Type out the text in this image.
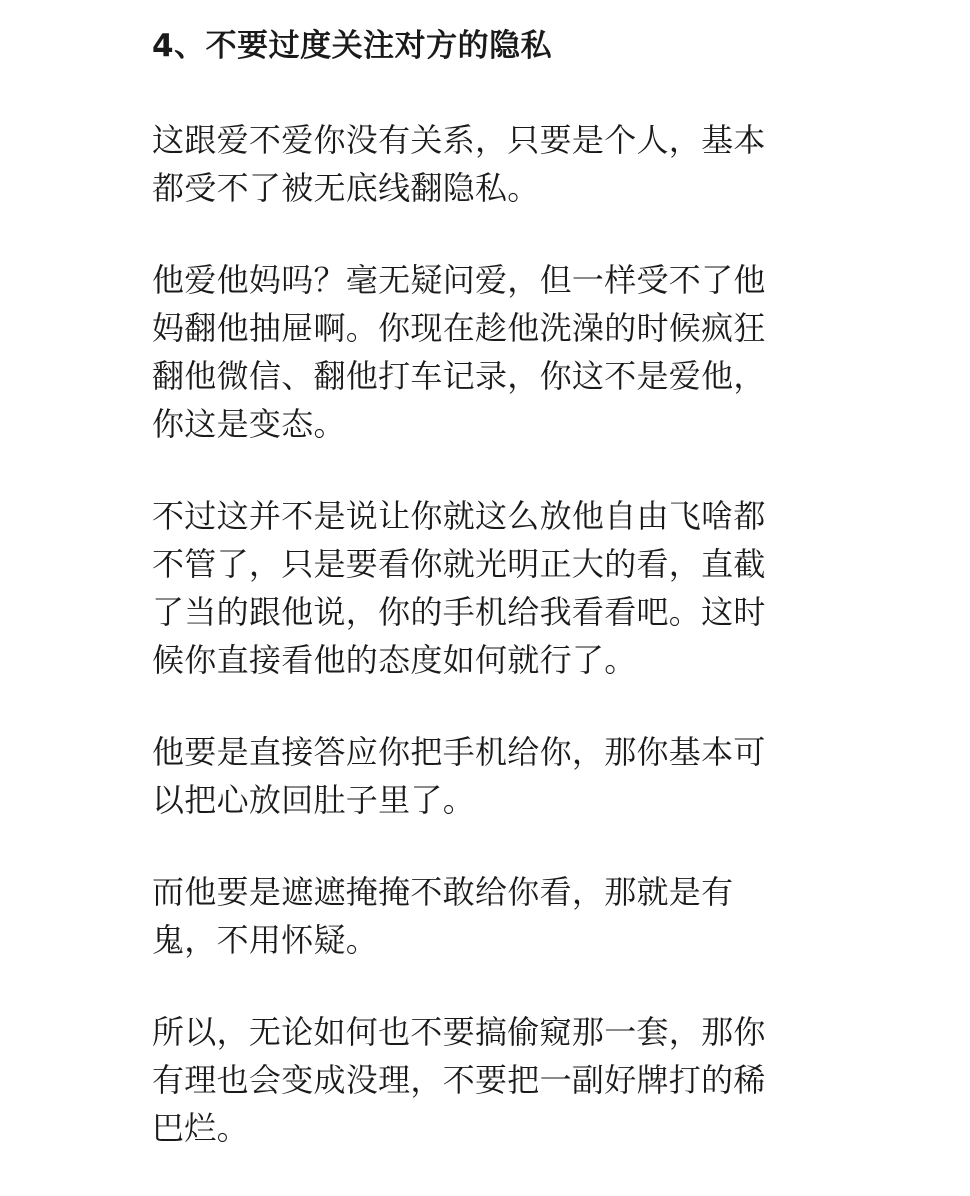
4、不要过度关注对方的隐私
这跟爱不爱你没有关系，只要是个人，基本
都受不了被无底线翻隐私。
他爱他妈吗？毫无疑问爱，但一样受不了他
妈翻他抽屉啊。你现在趁他洗澡的时候疯狂
翻他微信、翻他打车记录，你这不是爱他，
你这是变态。
不过这并不是说让你就这么放他自由飞啥都
不管了，只是要看你就光明正大的看，直截
了当的跟他说，你的手机给我看看吧。这时
候你直接看他的态度如何就行了。
他要是直接答应你把手机给你，那你基本可
以把心放回肚子里了。
而他要是遮遮掩掩不敢给你看，那就是有
鬼，不用怀疑。
所以，无论如何也不要搞偷窥那一套，那你
有理也会变成没理，不要把一副好牌打的稀
巴烂。
